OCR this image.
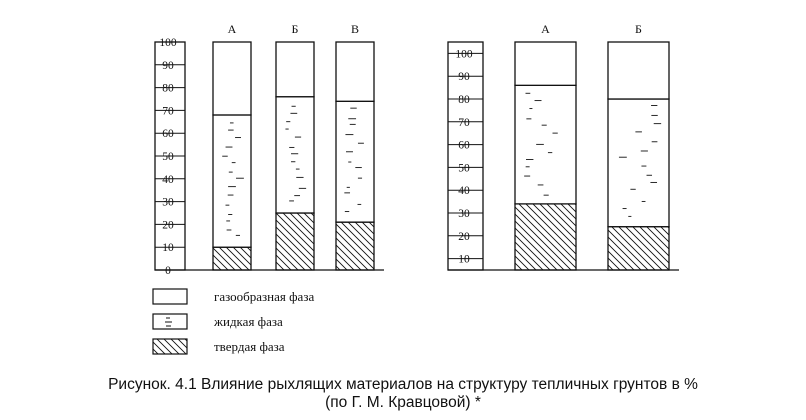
0
10
20
30
40
50
60
70
80
90
100
А	Б	В
10
20
30
40
50
60
70
80
90
100
А	Б
газообразная фаза
жидкая фаза
твердая фаза
Рисунок. 4.1 Влияние рыхлящих материалов на структуру тепличных грунтов в %
(по Г. М. Кравцовой) *
